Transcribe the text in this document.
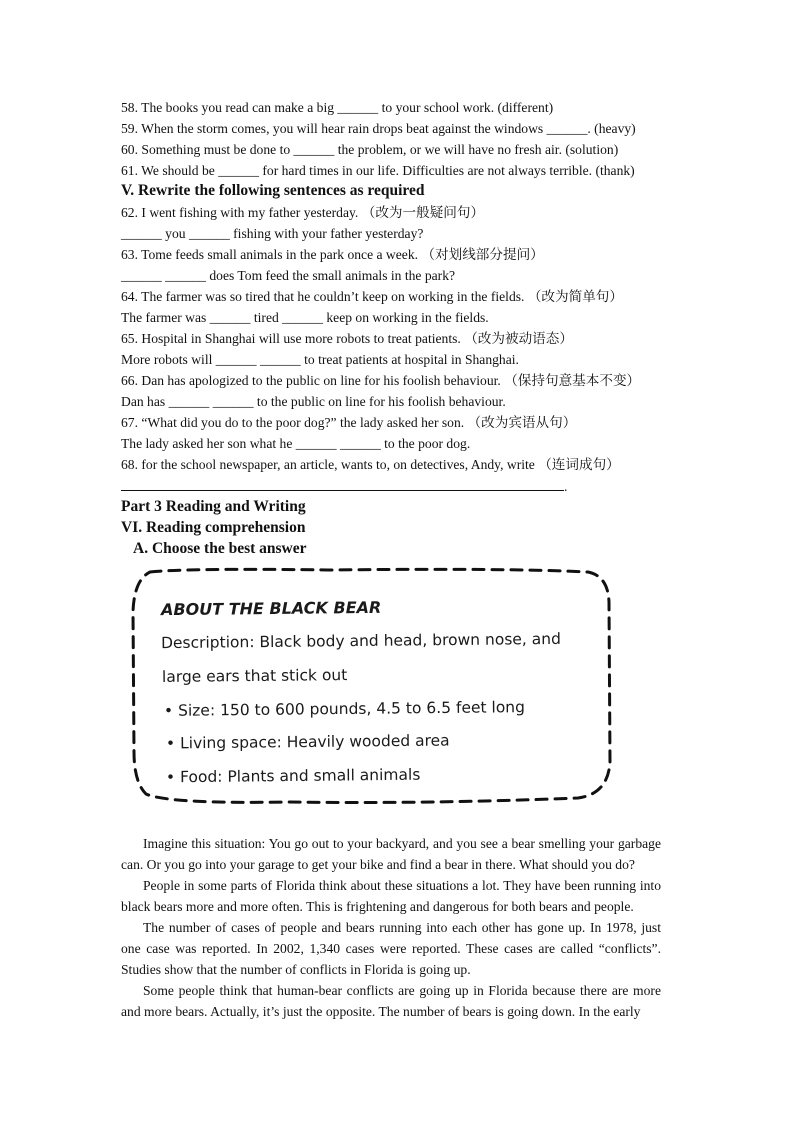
58. The books you read can make a big ______ to your school work. (different)
59. When the storm comes, you will hear rain drops beat against the windows ______. (heavy)
60. Something must be done to ______ the problem, or we will have no fresh air. (solution)
61. We should be ______ for hard times in our life. Difficulties are not always terrible. (thank)
V. Rewrite the following sentences as required
62. I went fishing with my father yesterday. （改为一般疑问句）
______ you ______ fishing with your father yesterday?
63. Tome feeds small animals in the park once a week. （对划线部分提问）
______ ______ does Tom feed the small animals in the park?
64. The farmer was so tired that he couldn’t keep on working in the fields. （改为简单句）
The farmer was ______ tired ______ keep on working in the fields.
65. Hospital in Shanghai will use more robots to treat patients. （改为被动语态）
More robots will ______ ______ to treat patients at hospital in Shanghai.
66. Dan has apologized to the public on line for his foolish behaviour. （保持句意基本不变）
Dan has ______ ______ to the public on line for his foolish behaviour.
67. “What did you do to the poor dog?” the lady asked her son. （改为宾语从句）
The lady asked her son what he ______ ______ to the poor dog.
68. for the school newspaper, an article, wants to, on detectives, Andy, write （连词成句）
.
Part 3 Reading and Writing
VI. Reading comprehension
A. Choose the best answer
ABOUT THE BLACK BEAR
Description: Black body and head, brown nose, and
large ears that stick out
• Size: 150 to 600 pounds, 4.5 to 6.5 feet long
• Living space: Heavily wooded area
• Food: Plants and small animals

Imagine this situation: You go out to your backyard, and you see a bear smelling your garbage can. Or you go into your garage to get your bike and find a bear in there. What should you do?

People in some parts of Florida think about these situations a lot. They have been running into black bears more and more often. This is frightening and dangerous for both bears and people.

The number of cases of people and bears running into each other has gone up. In 1978, just one case was reported. In 2002, 1,340 cases were reported. These cases are called “conflicts”. Studies show that the number of conflicts in Florida is going up.

Some people think that human-bear conflicts are going up in Florida because there are more and more bears. Actually, it’s just the opposite. The number of bears is going down. In the early
